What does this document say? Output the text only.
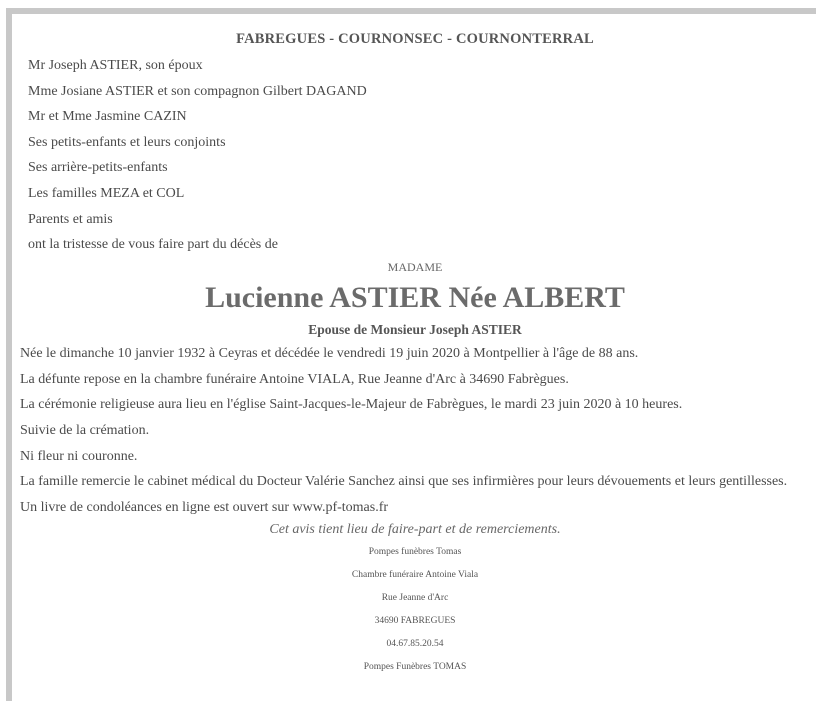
FABREGUES - COURNONSEC - COURNONTERRAL
Mr Joseph ASTIER, son époux
Mme Josiane ASTIER et son compagnon Gilbert DAGAND
Mr et Mme Jasmine CAZIN
Ses petits-enfants et leurs conjoints
Ses arrière-petits-enfants
Les familles MEZA et COL
Parents et amis
ont la tristesse de vous faire part du décès de
MADAME
Lucienne ASTIER Née ALBERT
Epouse de Monsieur Joseph ASTIER
Née le dimanche 10 janvier 1932 à Ceyras et décédée le vendredi 19 juin 2020 à Montpellier à l'âge de 88 ans.
La défunte repose en la chambre funéraire Antoine VIALA, Rue Jeanne d'Arc à 34690 Fabrègues.
La cérémonie religieuse aura lieu en l'église Saint-Jacques-le-Majeur de Fabrègues, le mardi 23 juin 2020 à 10 heures.
Suivie de la crémation.
Ni fleur ni couronne.
La famille remercie le cabinet médical du Docteur Valérie Sanchez ainsi que ses infirmières pour leurs dévouements et leurs gentillesses.
Un livre de condoléances en ligne est ouvert sur www.pf-tomas.fr
Cet avis tient lieu de faire-part et de remerciements.
Pompes funèbres Tomas
Chambre funéraire Antoine Viala
Rue Jeanne d'Arc
34690 FABREGUES
04.67.85.20.54
Pompes Funèbres TOMAS
